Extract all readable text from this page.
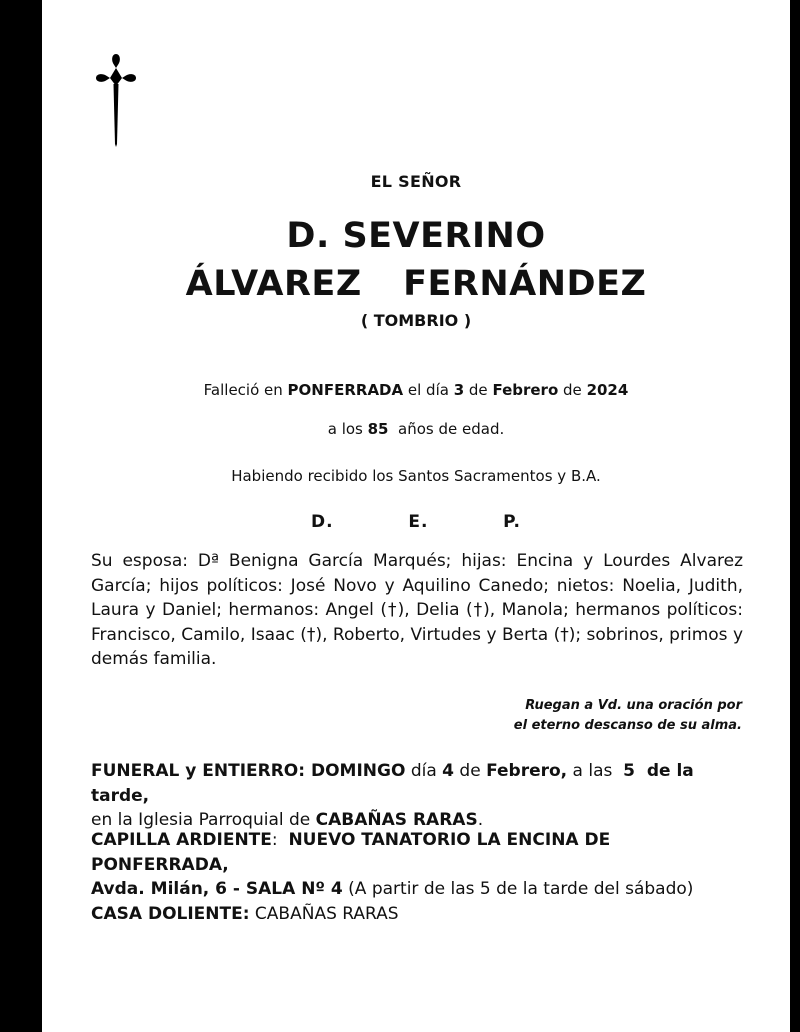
EL SEÑOR
D. SEVERINO
ÁLVAREZ  FERNÁNDEZ
( TOMBRIO )
Falleció en PONFERRADA el día 3 de Febrero de 2024
a los 85  años de edad.
Habiendo recibido los Santos Sacramentos y B.A.
D.   E.   P.
Su esposa: Dª Benigna García Marqués; hijas: Encina y Lourdes Alvarez García; hijos políticos: José Novo y Aquilino Canedo; nietos: Noelia, Judith, Laura y Daniel; hermanos: Angel (†), Delia (†), Manola; hermanos políticos: Francisco, Camilo, Isaac (†), Roberto, Virtudes y Berta (†); sobrinos, primos y demás familia.
Ruegan a Vd. una oración por
el eterno descanso de su alma.
FUNERAL y ENTIERRO: DOMINGO día 4 de Febrero, a las  5  de la tarde,
en la Iglesia Parroquial de CABAÑAS RARAS.
CAPILLA ARDIENTE:  NUEVO TANATORIO LA ENCINA DE PONFERRADA,
Avda. Milán, 6 - SALA Nº 4 (A partir de las 5 de la tarde del sábado)
CASA DOLIENTE: CABAÑAS RARAS
